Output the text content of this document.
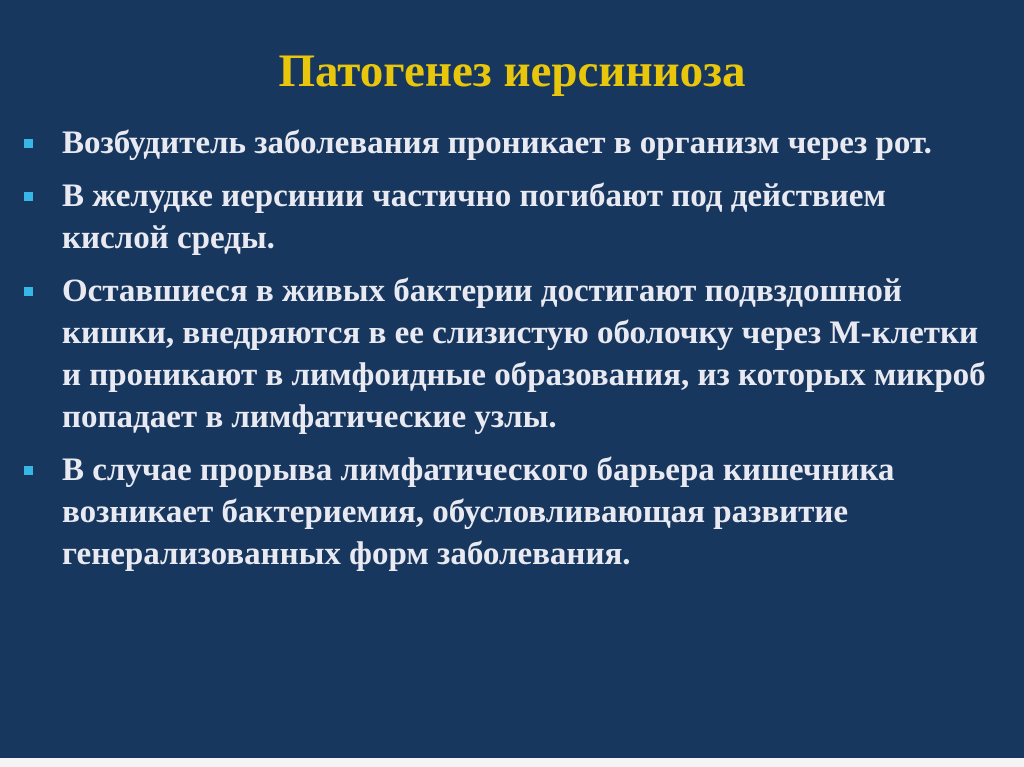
Патогенез иерсиниоза
Возбудитель заболевания проникает в организм через рот.
В желудке иерсинии частично погибают под действием кислой среды.
Оставшиеся в живых бактерии достигают подвздошной кишки, внедряются в ее слизистую оболочку через М-клетки и проникают в лимфоидные образования, из которых микроб попадает в лимфатические узлы.
В случае прорыва лимфатического барьера кишечника возникает бактериемия, обусловливающая развитие генерализованных форм заболевания.
